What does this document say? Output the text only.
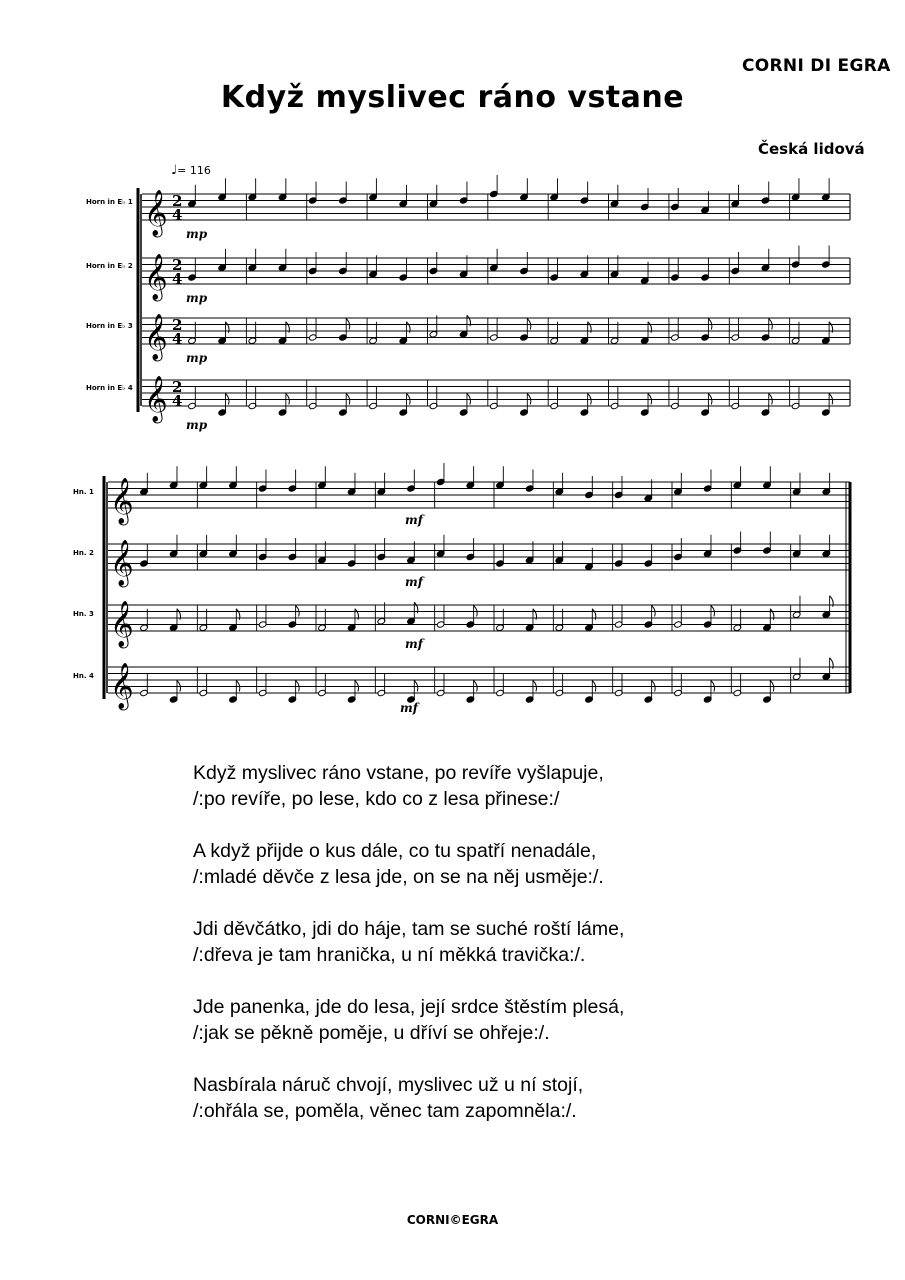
CORNI DI EGRA
Když myslivec ráno vstane
Česká lidová
♩= 116
Horn in E♭ 1
Horn in E♭ 2
Horn in E♭ 3
Horn in E♭ 4
Hn. 1
Hn. 2
Hn. 3
Hn. 4
𝄞 2
4
𝄞 2
4
𝄞 2
4
𝄞 2
4
mp
mp
mp
mp
𝄞
𝄞
𝄞
𝄞
mf
mf
mf
mf
Když myslivec ráno vstane, po revíře vyšlapuje,
/:po revíře, po lese, kdo co z lesa přinese:/
A když přijde o kus dále, co tu spatří nenadále,
/:mladé děvče z lesa jde, on se na něj usměje:/.
Jdi děvčátko, jdi do háje, tam se suché roští láme,
/:dřeva je tam hranička, u ní měkká travička:/.
Jde panenka, jde do lesa, její srdce štěstím plesá,
/:jak se pěkně poměje, u dříví se ohřeje:/.
Nasbírala náruč chvojí, myslivec už u ní stojí,
/:ohřála se, poměla, věnec tam zapomněla:/.
CORNI©EGRA
